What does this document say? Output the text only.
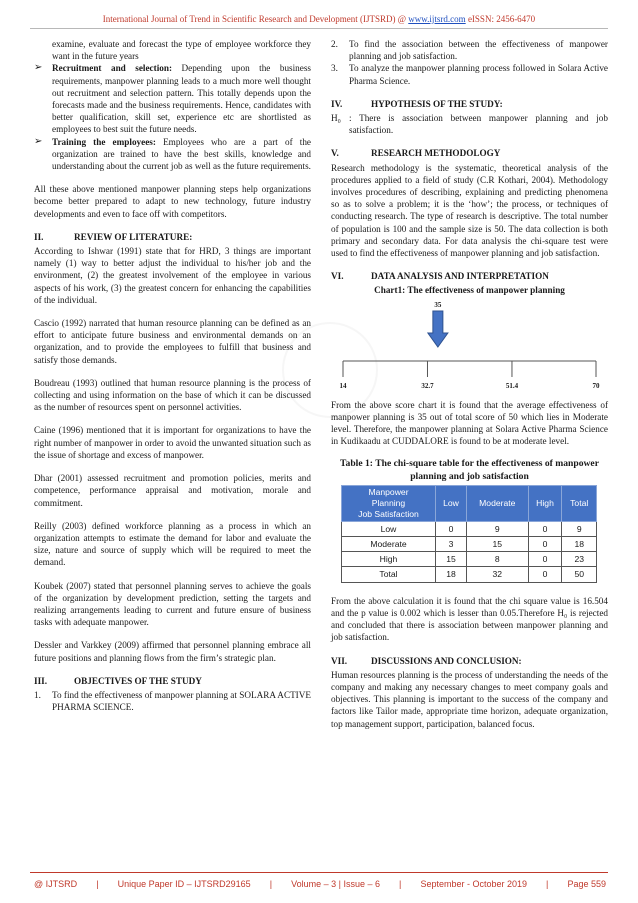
International Journal of Trend in Scientific Research and Development (IJTSRD) @ www.ijtsrd.com eISSN: 2456-6470
examine, evaluate and forecast the type of employee workforce they want in the future years
➢	Recruitment and selection: Depending upon the business requirements, manpower planning leads to a much more well thought out recruitment and selection pattern. This totally depends upon the forecasts made and the business requirements. Hence, candidates with better qualification, skill set, experience etc are shortlisted as employees to best suit the future needs.
➢	Training the employees: Employees who are a part of the organization are trained to have the best skills, knowledge and understanding about the current job as well as the future requirements.

All these above mentioned manpower planning steps help organizations become better prepared to adapt to new technology, future industry developments and even to face off with competitors.

II.	REVIEW OF LITERATURE:

According to Ishwar (1991) state that for HRD, 3 things are important namely (1) way to better adjust the individual to his/her job and the environment, (2) the greatest involvement of the employee in various aspects of his work, (3) the greatest concern for enhancing the capabilities of the individual.

Cascio (1992) narrated that human resource planning can be defined as an effort to anticipate future business and environmental demands on an organization, and to provide the employees to fulfill that business and satisfy those demands.

Boudreau (1993) outlined that human resource planning is the process of collecting and using information on the base of which it can be discussed as the number of resources spent on personnel activities.

Caine (1996) mentioned that it is important for organizations to have the right number of manpower in order to avoid the unwanted situation such as the issue of shortage and excess of manpower.

Dhar (2001) assessed recruitment and promotion policies, merits and competence, performance appraisal and motivation, morale and commitment.

Reilly (2003) defined workforce planning as a process in which an organization attempts to estimate the demand for labor and evaluate the size, nature and source of supply which will be required to meet the demand.

Koubek (2007) stated that personnel planning serves to achieve the goals of the organization by development prediction, setting the targets and realizing arrangements leading to current and future ensure of business tasks with adequate manpower.

Dessler and Varkkey (2009) affirmed that personnel planning embrace all future positions and planning flows from the firm’s strategic plan.

III.	OBJECTIVES OF THE STUDY
1.	To find the effectiveness of manpower planning at SOLARA ACTIVE PHARMA SCIENCE.
2.	To find the association between the effectiveness of manpower planning and job satisfaction.
3.	To analyze the manpower planning process followed in Solara Active Pharma Science.
IV.	HYPOTHESIS OF THE STUDY:
H₀ : There is association between manpower planning and job satisfaction.
V.	RESEARCH METHODOLOGY

Research methodology is the systematic, theoretical analysis of the procedures applied to a field of study (C.R Kothari, 2004). Methodology involves procedures of describing, explaining and predicting phenomena so as to solve a problem; it is the ‘how’; the process, or techniques of conducting research. The type of research is descriptive. The total number of population is 100 and the sample size is 50. The data collection is both primary and secondary data. For data analysis the chi-square test were used to find the effectiveness of manpower planning and job satisfaction.

VI.	DATA ANALYSIS AND INTERPRETATION
Chart1: The effectiveness of manpower planning
14	32.7	51.4	70
35

From the above score chart it is found that the average effectiveness of manpower planning is 35 out of total score of 50 which lies in Moderate level. Therefore, the manpower planning at Solara Active Pharma Science in Kudikaadu at CUDDALORE is found to be at moderate level.

Table 1: The chi-square table for the effectiveness of manpower planning and job satisfaction
Manpower
Planning
Job Satisfaction	Low	Moderate	High	Total
Low	0	9	0	9
Moderate	3	15	0	18
High	15	8	0	23
Total	18	32	0	50

From the above calculation it is found that the chi square value is 16.504 and the p value is 0.002 which is lesser than 0.05.Therefore H₀ is rejected and concluded that there is association between manpower planning and job satisfaction.

VII.	DISCUSSIONS AND CONCLUSION:

Human resources planning is the process of understanding the needs of the company and making any necessary changes to meet company goals and objectives. This planning is important to the success of the company and factors like Tailor made, appropriate time horizon, adequate organization, top management support, participation, balanced focus.

@ IJTSRD | Unique Paper ID – IJTSRD29165 | Volume – 3 | Issue – 6 | September - October 2019 | Page 559
